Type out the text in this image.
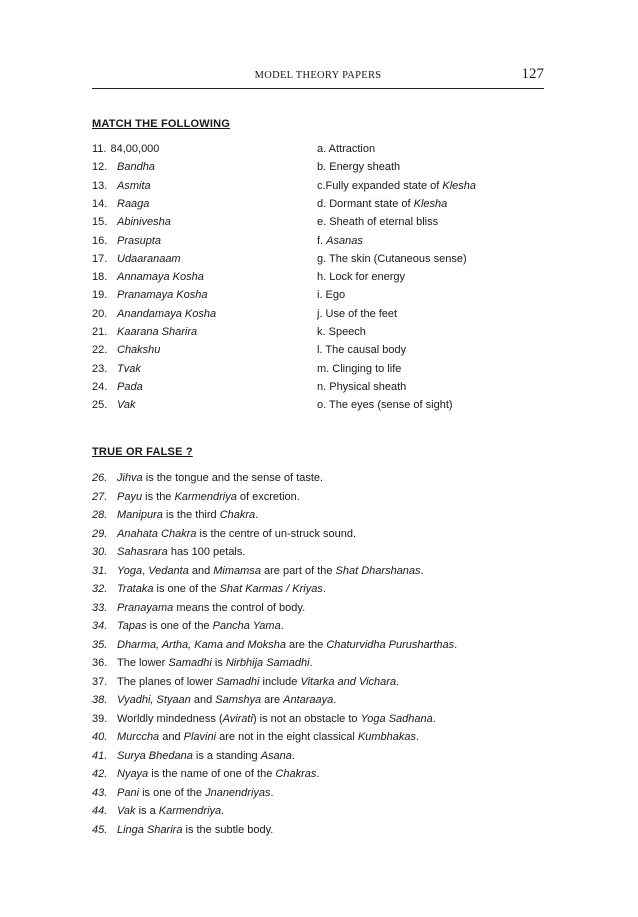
MODEL THEORY PAPERS	127
MATCH THE FOLLOWING
11. 84,00,000	a. Attraction
12. Bandha	b. Energy sheath
13. Asmita	c.Fully expanded state of Klesha
14. Raaga	d. Dormant state of Klesha
15. Abinivesha	e. Sheath of eternal bliss
16. Prasupta	f. Asanas
17. Udaaranaam	g. The skin (Cutaneous sense)
18. Annamaya Kosha	h. Lock for energy
19. Pranamaya Kosha	i. Ego
20. Anandamaya Kosha	j. Use of the feet
21. Kaarana Sharira	k. Speech
22. Chakshu	l. The causal body
23. Tvak	m. Clinging to life
24. Pada	n. Physical sheath
25. Vak	o. The eyes (sense of sight)
TRUE OR FALSE ?
26. Jihva is the tongue and the sense of taste.
27. Payu is the Karmendriya of excretion.
28. Manipura is the third Chakra.
29. Anahata Chakra is the centre of un-struck sound.
30. Sahasrara has 100 petals.
31. Yoga, Vedanta and Mimamsa are part of the Shat Dharshanas.
32. Trataka is one of the Shat Karmas / Kriyas.
33. Pranayama means the control of body.
34. Tapas is one of the Pancha Yama.
35. Dharma, Artha, Kama and Moksha are the Chaturvidha Purusharthas.
36. The lower Samadhi is Nirbhija Samadhi.
37. The planes of lower Samadhi include Vitarka and Vichara.
38. Vyadhi, Styaan and Samshya are Antaraaya.
39. Worldly mindedness (Avirati) is not an obstacle to Yoga Sadhana.
40. Murccha and Plavini are not in the eight classical Kumbhakas.
41. Surya Bhedana is a standing Asana.
42. Nyaya is the name of one of the Chakras.
43. Pani is one of the Jnanendriyas.
44. Vak is a Karmendriya.
45. Linga Sharira is the subtle body.
